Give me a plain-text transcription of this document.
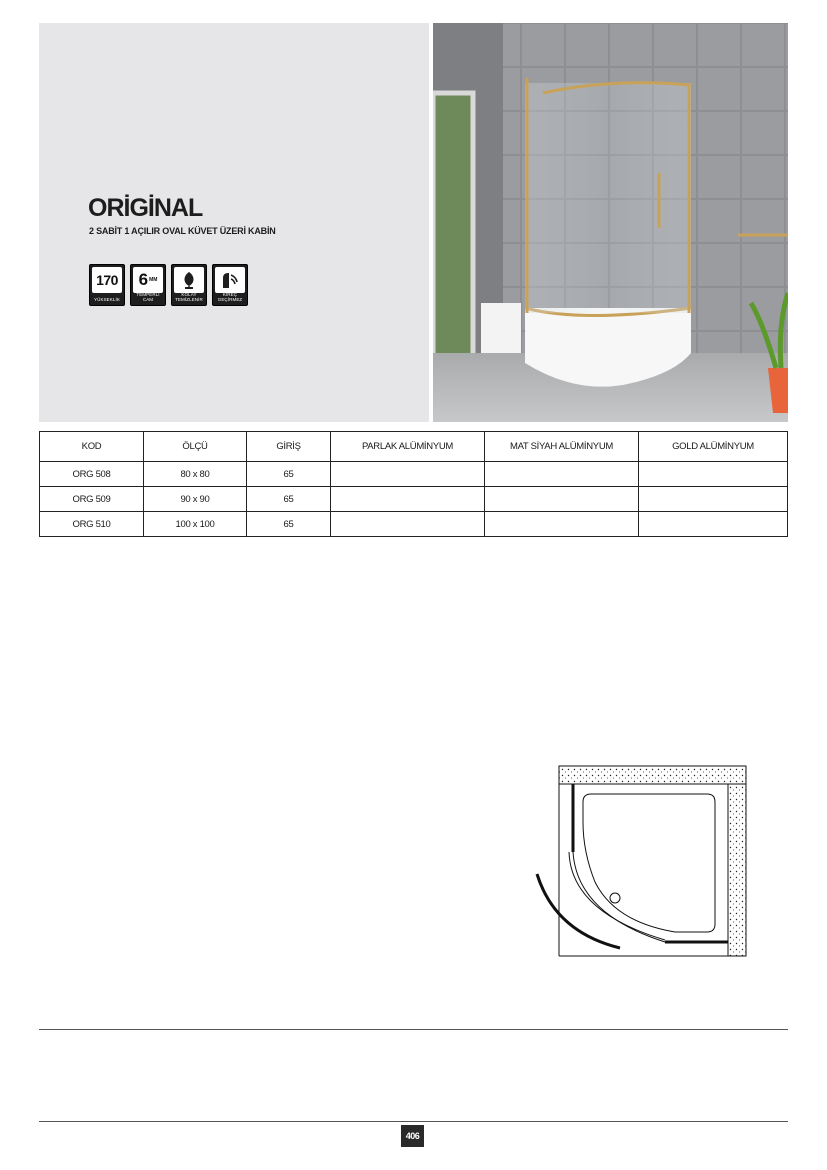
ORİGİNAL
2 SABİT 1 AÇILIR OVAL KÜVET ÜZERİ KABİN
170
YÜKSEKLİK
6 MM
TEMPERLİ CAM
KOLAY TEMİZLENİR
KİREÇ GEÇİRMEZ
KOD	ÖLÇÜ	GİRİŞ	PARLAK ALÜMİNYUM	MAT SİYAH ALÜMİNYUM	GOLD ALÜMİNYUM
ORG 508	80 x 80	65			
ORG 509	90 x 90	65			
ORG 510	100 x 100	65			
406
